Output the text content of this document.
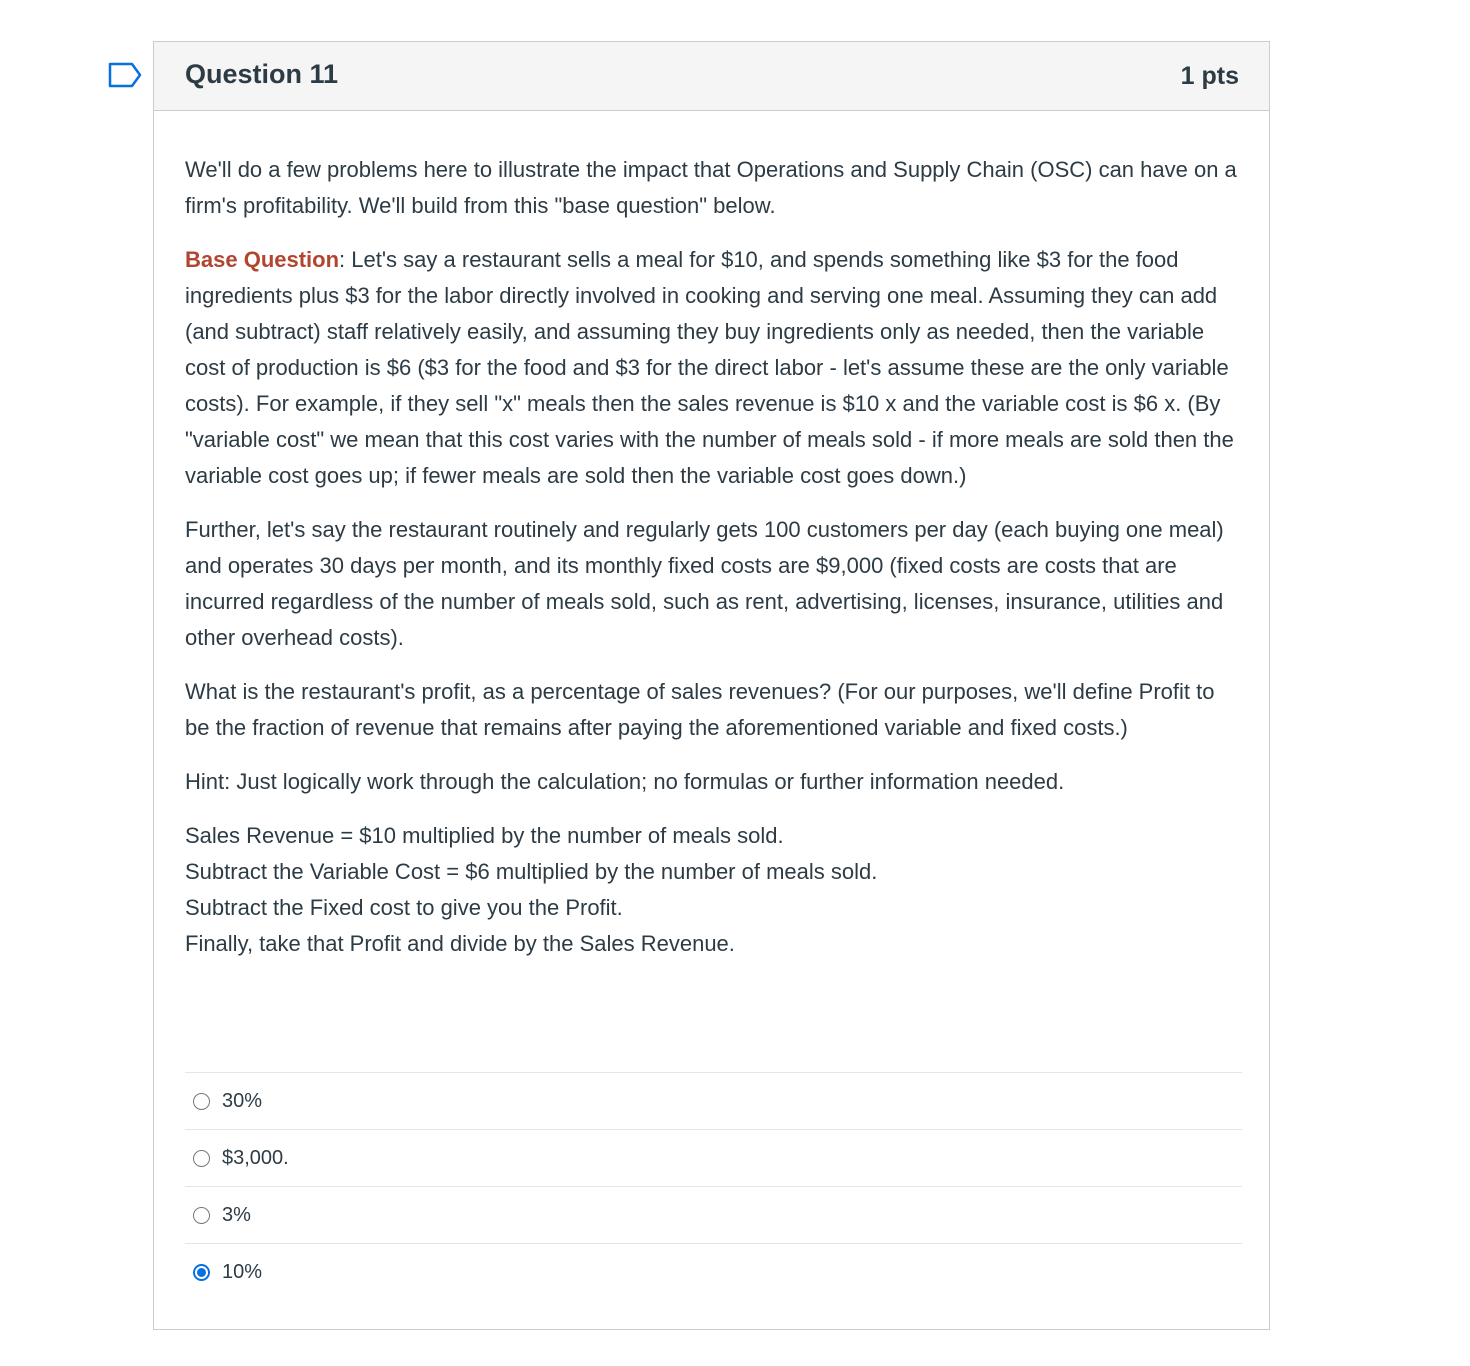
Question 11	1 pts

We'll do a few problems here to illustrate the impact that Operations and Supply Chain (OSC) can have on a firm's profitability. We'll build from this "base question" below.

Base Question: Let's say a restaurant sells a meal for $10, and spends something like $3 for the food ingredients plus $3 for the labor directly involved in cooking and serving one meal. Assuming they can add (and subtract) staff relatively easily, and assuming they buy ingredients only as needed, then the variable cost of production is $6 ($3 for the food and $3 for the direct labor - let's assume these are the only variable costs). For example, if they sell "x" meals then the sales revenue is $10 x and the variable cost is $6 x. (By "variable cost" we mean that this cost varies with the number of meals sold - if more meals are sold then the variable cost goes up; if fewer meals are sold then the variable cost goes down.)

Further, let's say the restaurant routinely and regularly gets 100 customers per day (each buying one meal) and operates 30 days per month, and its monthly fixed costs are $9,000 (fixed costs are costs that are incurred regardless of the number of meals sold, such as rent, advertising, licenses, insurance, utilities and other overhead costs).

What is the restaurant's profit, as a percentage of sales revenues? (For our purposes, we'll define Profit to be the fraction of revenue that remains after paying the aforementioned variable and fixed costs.)

Hint: Just logically work through the calculation; no formulas or further information needed.

Sales Revenue = $10 multiplied by the number of meals sold.
Subtract the Variable Cost = $6 multiplied by the number of meals sold.
Subtract the Fixed cost to give you the Profit.
Finally, take that Profit and divide by the Sales Revenue.

30%
$3,000.
3%
10%
